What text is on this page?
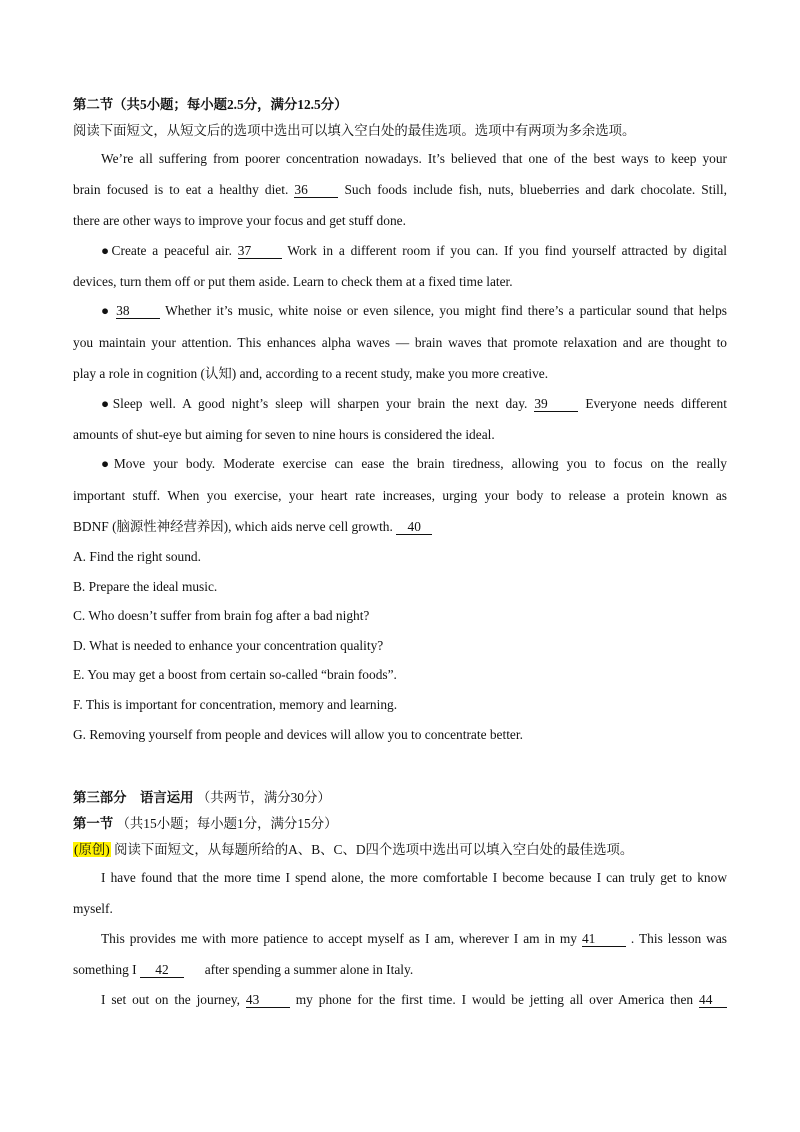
第二节（共5小题；每小题2.5分，满分12.5分）
阅读下面短文，从短文后的选项中选出可以填入空白处的最佳选项。选项中有两项为多余选项。
We’re all suffering from poorer concentration nowadays. It’s believed that one of the best ways to keep your
brain focused is to eat a healthy diet. 36	Such foods include fish, nuts, blueberries and dark chocolate. Still,
there are other ways to improve your focus and get stuff done.
●Create a peaceful air. 37	Work in a different room if you can. If you find yourself attracted by digital
devices, turn them off or put them aside. Learn to check them at a fixed time later.
● 38	Whether it’s music, white noise or even silence, you might find there’s a particular sound that helps
you maintain your attention. This enhances alpha waves — brain waves that promote relaxation and are thought to
play a role in cognition (认知) and, according to a recent study, make you more creative.
●Sleep well. A good night’s sleep will sharpen your brain the next day. 39	Everyone needs different
amounts of shut-eye but aiming for seven to nine hours is considered the ideal.
●Move your body. Moderate exercise can ease the brain tiredness, allowing you to focus on the really
important stuff. When you exercise, your heart rate increases, urging your body to release a protein known as
BDNF (脑源性神经营养因), which aids nerve cell growth. 40
A. Find the right sound.
B. Prepare the ideal music.
C. Who doesn’t suffer from brain fog after a bad night?
D. What is needed to enhance your concentration quality?
E. You may get a boost from certain so-called “brain foods”.
F. This is important for concentration, memory and learning.
G. Removing yourself from people and devices will allow you to concentrate better.
第三部分　语言运用 （共两节，满分30分）
第一节 （共15小题；每小题1分，满分15分）
(原创) 阅读下面短文，从每题所给的A、B、C、D四个选项中选出可以填入空白处的最佳选项。
I have found that the more time I spend alone, the more comfortable I become because I can truly get to know
myself.
This provides me with more patience to accept myself as I am, wherever I am in my 41	. This lesson was
something I 42	after spending a summer alone in Italy.
I set out on the journey, 43	my phone for the first time. I would be jetting all over America then 44
